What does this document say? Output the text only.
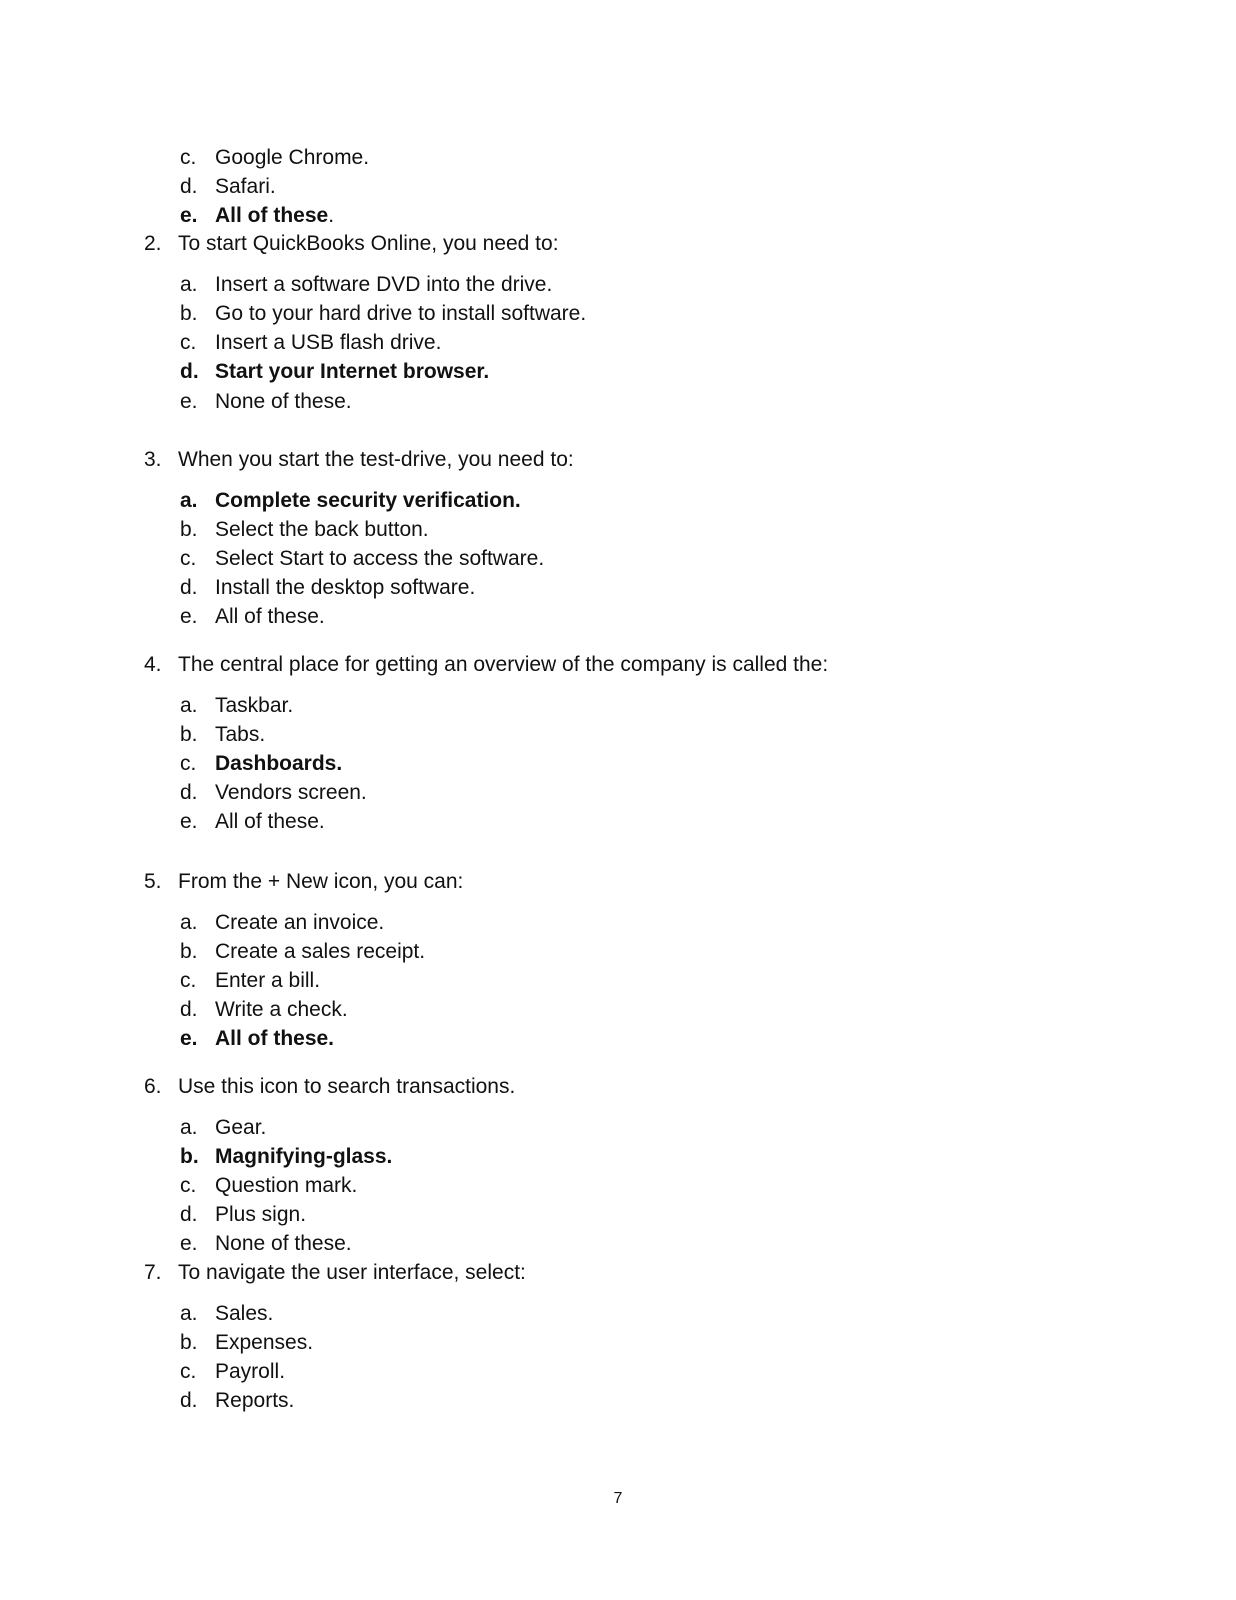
c. Google Chrome.
d. Safari.
e. All of these.
2. To start QuickBooks Online, you need to:
a. Insert a software DVD into the drive.
b. Go to your hard drive to install software.
c. Insert a USB flash drive.
d. Start your Internet browser.
e. None of these.
3. When you start the test-drive, you need to:
a. Complete security verification.
b. Select the back button.
c. Select Start to access the software.
d. Install the desktop software.
e. All of these.
4. The central place for getting an overview of the company is called the:
a. Taskbar.
b. Tabs.
c. Dashboards.
d. Vendors screen.
e. All of these.
5. From the + New icon, you can:
a. Create an invoice.
b. Create a sales receipt.
c. Enter a bill.
d. Write a check.
e. All of these.
6. Use this icon to search transactions.
a. Gear.
b. Magnifying-glass.
c. Question mark.
d. Plus sign.
e. None of these.
7. To navigate the user interface, select:
a. Sales.
b. Expenses.
c. Payroll.
d. Reports.
7
